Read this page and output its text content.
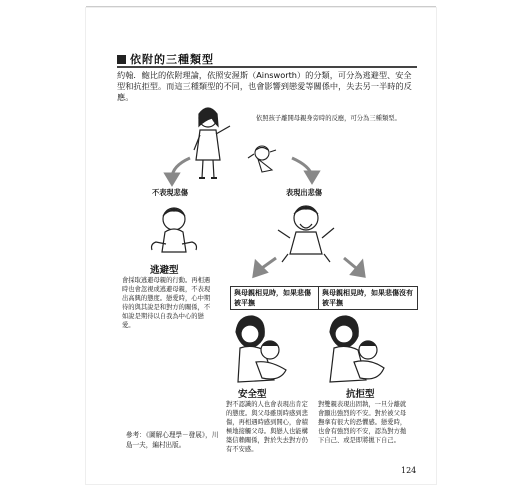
依附的三種類型
約翰．鮑比的依附理論，依照安渥斯（Ainsworth）的分類，可分為逃避型、安全型和抗拒型。而這三種類型的不同，也會影響到戀愛等關係中，失去另一半時的反應。
依照孩子離開母親身旁時的反應，可分為三種類型。
不表現悲傷	表現出悲傷
逃避型
會採取逃避母親的行動。再相遇時也會忽視或逃避母親，不表現出高興的態度。戀愛時，心中期待的與其說是和對方的關係，不如說是期待以自我為中心的戀愛。
與母親相見時，如果悲傷被平撫
與母親相見時，如果悲傷沒有被平撫
安全型
對不認識的人也會表現出肯定的態度。與父母雖別時感到悲傷，再相遇時感到開心，會積極地接觸父母。與戀人也能構築信賴關係，對於失去對方仍有不安感。
抗拒型
對雙親表現出固執，一旦分離就會顯出強烈的不安。對於被父母撫拿有很大的恐懼感。戀愛時，也會有強烈的不安，認為對方拋下自己、或是即將拋下自己。
參考：《圖解心理學－發展》，川島一夫，編村出版。
124
